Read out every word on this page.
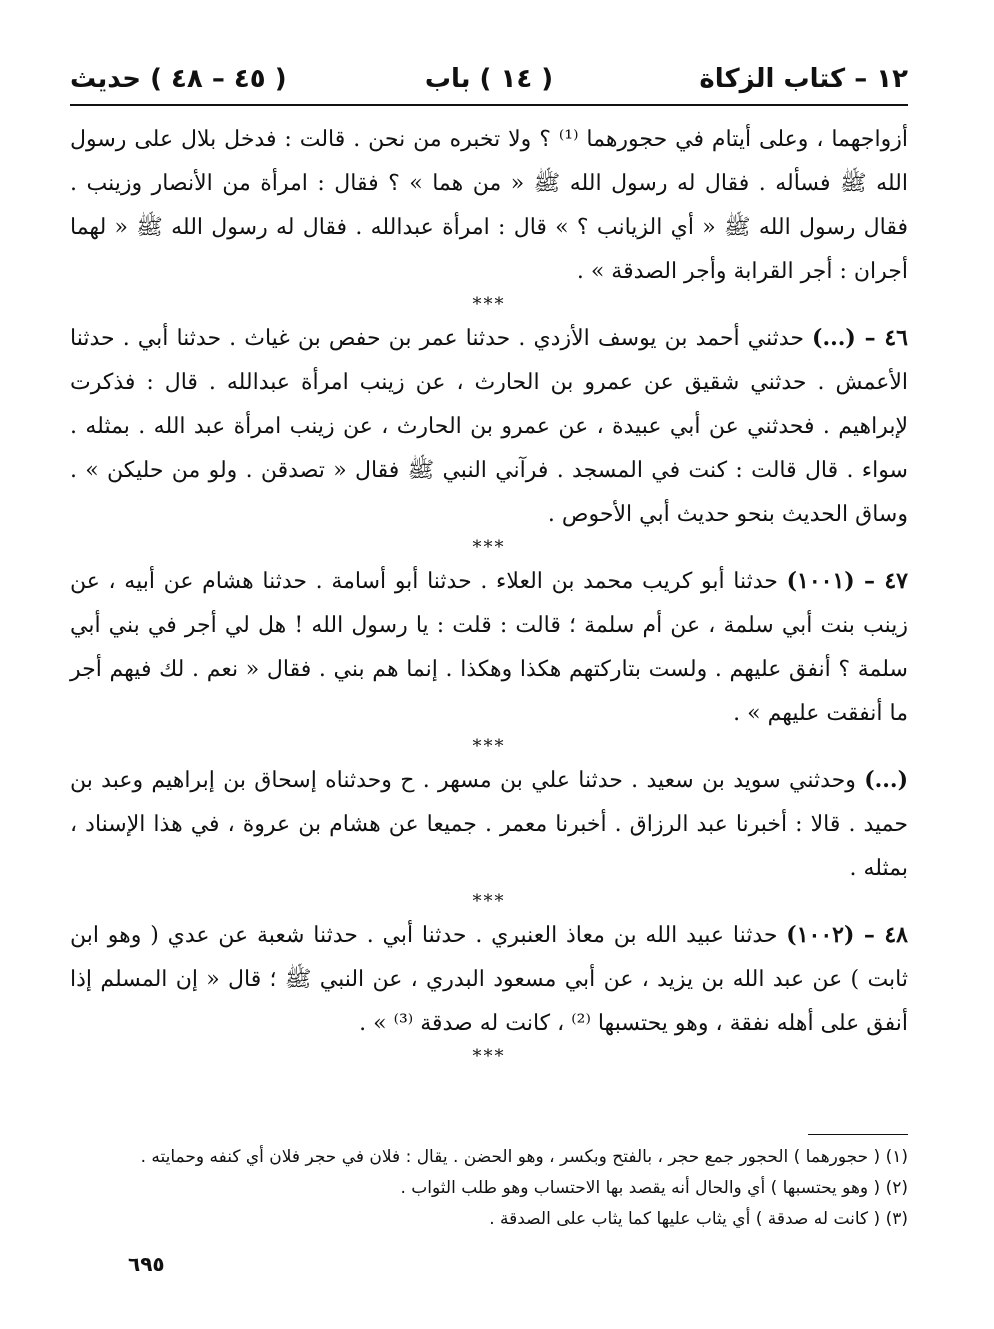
١٢ – كتاب الزكاة
( ١٤ ) باب
( ٤٥ – ٤٨ ) حديث

أزواجهما ، وعلى أيتام في حجورهما ⁽¹⁾ ؟ ولا تخبره من نحن . قالت : فدخل بلال على رسول الله ﷺ فسأله . فقال له رسول الله ﷺ « من هما » ؟ فقال : امرأة من الأنصار وزينب . فقال رسول الله ﷺ « أي الزيانب ؟ » قال : امرأة عبدالله . فقال له رسول الله ﷺ « لهما أجران : أجر القرابة وأجر الصدقة » .

***

٤٦ – (...) حدثني أحمد بن يوسف الأزدي . حدثنا عمر بن حفص بن غياث . حدثنا أبي . حدثنا الأعمش . حدثني شقيق عن عمرو بن الحارث ، عن زينب امرأة عبدالله . قال : فذكرت لإبراهيم . فحدثني عن أبي عبيدة ، عن عمرو بن الحارث ، عن زينب امرأة عبد الله . بمثله . سواء . قال قالت : كنت في المسجد . فرآني النبي ﷺ فقال « تصدقن . ولو من حليكن » . وساق الحديث بنحو حديث أبي الأحوص .

***

٤٧ – (١٠٠١) حدثنا أبو كريب محمد بن العلاء . حدثنا أبو أسامة . حدثنا هشام عن أبيه ، عن زينب بنت أبي سلمة ، عن أم سلمة ؛ قالت : قلت : يا رسول الله ! هل لي أجر في بني أبي سلمة ؟ أنفق عليهم . ولست بتاركتهم هكذا وهكذا . إنما هم بني . فقال « نعم . لك فيهم أجر ما أنفقت عليهم » .

***

(...) وحدثني سويد بن سعيد . حدثنا علي بن مسهر . ح وحدثناه إسحاق بن إبراهيم وعبد بن حميد . قالا : أخبرنا عبد الرزاق . أخبرنا معمر . جميعا عن هشام بن عروة ، في هذا الإسناد ، بمثله .

***

٤٨ – (١٠٠٢) حدثنا عبيد الله بن معاذ العنبري . حدثنا أبي . حدثنا شعبة عن عدي ( وهو ابن ثابت ) عن عبد الله بن يزيد ، عن أبي مسعود البدري ، عن النبي ﷺ ؛ قال « إن المسلم إذا أنفق على أهله نفقة ، وهو يحتسبها ⁽²⁾ ، كانت له صدقة ⁽³⁾ » .

***

(١) ( حجورهما ) الحجور جمع حجر ، بالفتح وبكسر ، وهو الحضن . يقال : فلان في حجر فلان أي كنفه وحمايته .

(٢) ( وهو يحتسبها ) أي والحال أنه يقصد بها الاحتساب وهو طلب الثواب .

(٣) ( كانت له صدقة ) أي يثاب عليها كما يثاب على الصدقة .

٦٩٥
